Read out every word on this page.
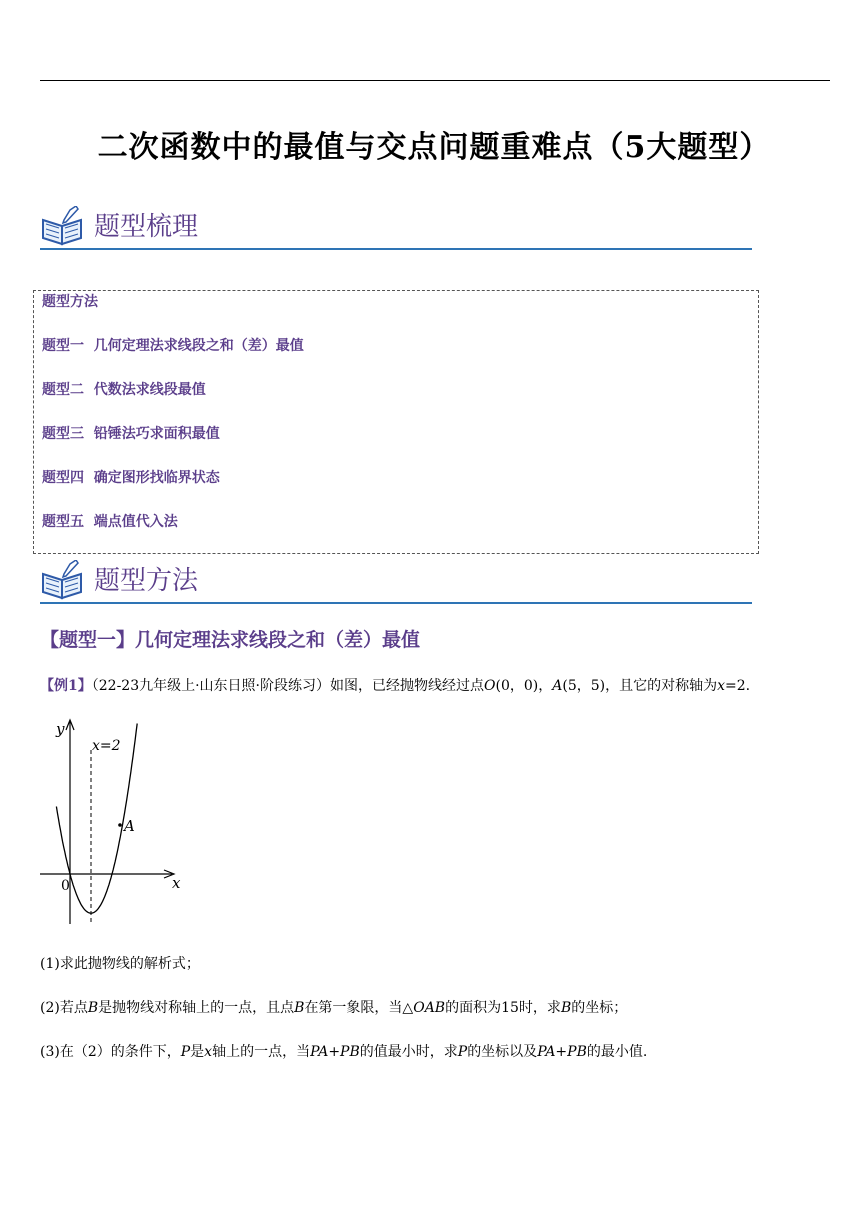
二次函数中的最值与交点问题重难点（5大题型）
题型梳理
题型方法
题型一  几何定理法求线段之和（差）最值
题型二  代数法求线段最值
题型三  铅锤法巧求面积最值
题型四  确定图形找临界状态
题型五  端点值代入法
题型方法
【题型一】几何定理法求线段之和（差）最值
【例1】（22-23九年级上·山东日照·阶段练习）如图，已经抛物线经过点O(0，0)，A(5，5)，且它的对称轴为x=2.
y
x
0
x=2
A
(1)求此抛物线的解析式；
(2)若点B是抛物线对称轴上的一点，且点B在第一象限，当△OAB的面积为15时，求B的坐标；
(3)在（2）的条件下，P是x轴上的一点，当PA+PB的值最小时，求P的坐标以及PA+PB的最小值.
